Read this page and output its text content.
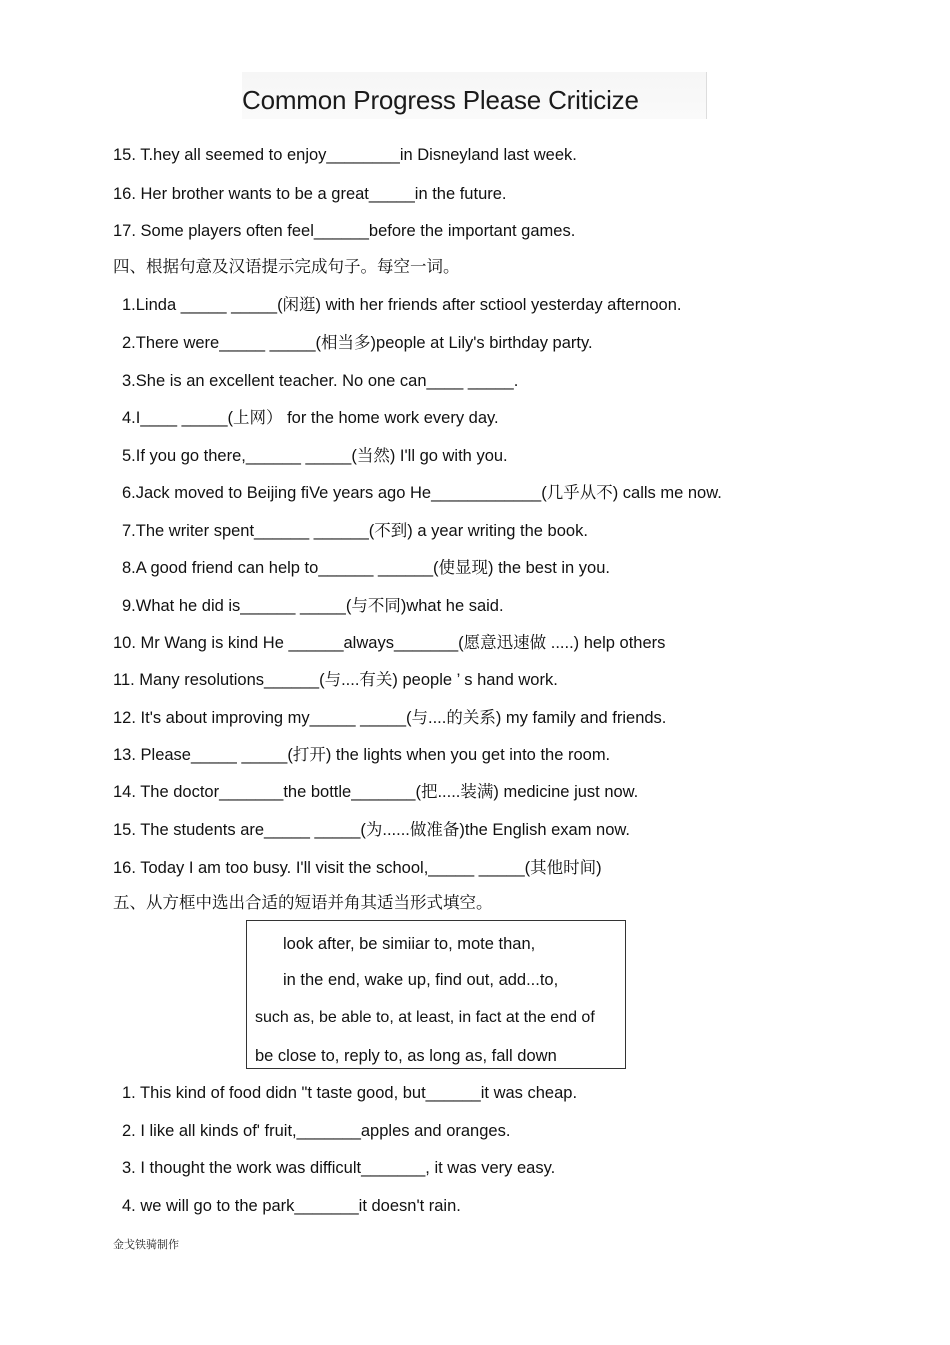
Common Progress Please Criticize
15. T.hey all seemed to enjoy________in Disneyland last week.
16. Her brother wants to be a great_____in the future.
17. Some players often feel______before the important games.
四、根据句意及汉语提示完成句子。每空一词。
1.Linda _____ _____(闲逛) with her friends after sctiool yesterday afternoon.
2.There were_____ _____(相当多)people at Lily's birthday party.
3.She is an excellent teacher. No one can____ _____.
4.I____ _____(上网） for the home work every day.
5.If you go there,______ _____(当然) I'll go with you.
6.Jack moved to Beijing fiVe years ago He____________(几乎从不) calls me now.
7.The writer spent______ ______(不到) a year writing the book.
8.A good friend can help to______ ______(使显现) the best in you.
9.What he did is______ _____(与不同)what he said.
10. Mr Wang is kind He ______always_______(愿意迅速做 .....) help others
11. Many resolutions______(与....有关) people ’ s hand work.
12. It's about improving my_____ _____(与....的关系) my family and friends.
13. Please_____ _____(打开) the lights when you get into the room.
14. The doctor_______the bottle_______(把.....装满) medicine just now.
15. The students are_____ _____(为......做准备)the English exam now.
16. Today I am too busy. I'll visit the school,_____ _____(其他时间)
五、从方框中选出合适的短语并角其适当形式填空。
look after, be simiiar to, mote than,
in the end, wake up, find out, add...to,
such as, be able to, at least, in fact at the end of
be close to, reply to, as long as, fall down
1. This kind of food didn "t taste good, but______it was cheap.
2. I like all kinds of' fruit,_______apples and oranges.
3. I thought the work was difficult_______, it was very easy.
4. we will go to the park_______it doesn't rain.
金戈铁骑制作
